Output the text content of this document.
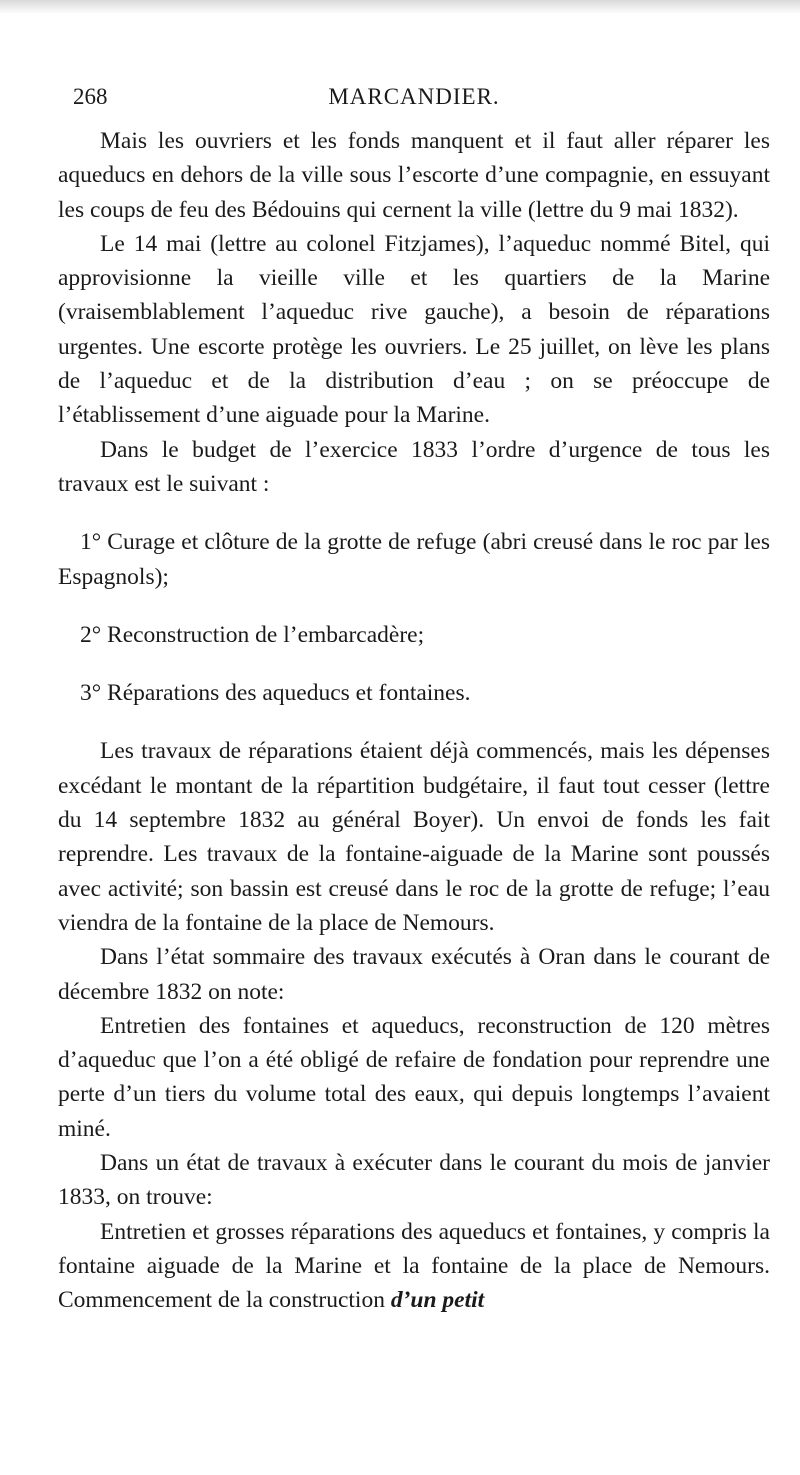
268	MARCANDIER.

Mais les ouvriers et les fonds manquent et il faut aller réparer les aqueducs en dehors de la ville sous l’escorte d’une compagnie, en essuyant les coups de feu des Bédouins qui cernent la ville (lettre du 9 mai 1832).

Le 14 mai (lettre au colonel Fitzjames), l’aqueduc nommé Bitel, qui approvisionne la vieille ville et les quartiers de la Marine (vraisemblablement l’aqueduc rive gauche), a besoin de réparations urgentes. Une escorte protège les ouvriers. Le 25 juillet, on lève les plans de l’aqueduc et de la distribution d’eau ; on se préoccupe de l’établissement d’une aiguade pour la Marine.

Dans le budget de l’exercice 1833 l’ordre d’urgence de tous les travaux est le suivant :

1° Curage et clôture de la grotte de refuge (abri creusé dans le roc par les Espagnols);

2° Reconstruction de l’embarcadère;

3° Réparations des aqueducs et fontaines.

Les travaux de réparations étaient déjà commencés, mais les dépenses excédant le montant de la répartition budgétaire, il faut tout cesser (lettre du 14 septembre 1832 au général Boyer). Un envoi de fonds les fait reprendre. Les travaux de la fontaine-aiguade de la Marine sont poussés avec activité; son bassin est creusé dans le roc de la grotte de refuge; l’eau viendra de la fontaine de la place de Nemours.

Dans l’état sommaire des travaux exécutés à Oran dans le courant de décembre 1832 on note:

Entretien des fontaines et aqueducs, reconstruction de 120 mètres d’aqueduc que l’on a été obligé de refaire de fondation pour reprendre une perte d’un tiers du volume total des eaux, qui depuis longtemps l’avaient miné.

Dans un état de travaux à exécuter dans le courant du mois de janvier 1833, on trouve:

Entretien et grosses réparations des aqueducs et fontaines, y compris la fontaine aiguade de la Marine et la fontaine de la place de Nemours. Commencement de la construction d’un petit
